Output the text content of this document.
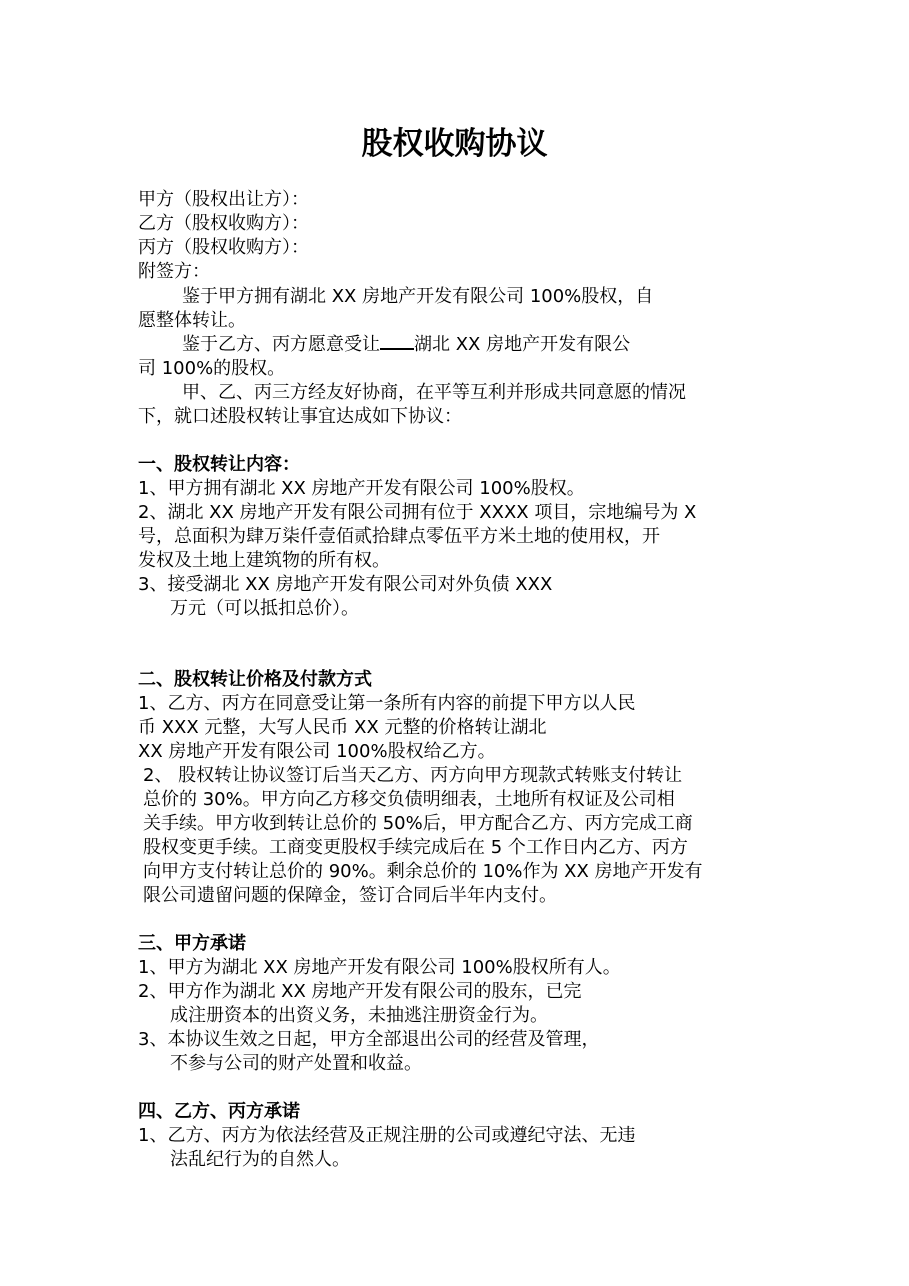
股权收购协议
甲方（股权出让方）：
乙方（股权收购方）：
丙方（股权收购方）：
附签方：
鉴于甲方拥有湖北 XX 房地产开发有限公司 100%股权，自
愿整体转让。
鉴于乙方、丙方愿意受让 湖北 XX 房地产开发有限公
司 100%的股权。
甲、乙、丙三方经友好协商，在平等互利并形成共同意愿的情况
下，就口述股权转让事宜达成如下协议：
一、股权转让内容：
1、甲方拥有湖北 XX 房地产开发有限公司 100%股权。
2、湖北 XX 房地产开发有限公司拥有位于 XXXX 项目，宗地编号为 X
号，总面积为肆万柒仟壹佰贰拾肆点零伍平方米土地的使用权，开
发权及土地上建筑物的所有权。
3、接受湖北 XX 房地产开发有限公司对外负债 XXX
万元（可以抵扣总价）。
二、股权转让价格及付款方式
1、乙方、丙方在同意受让第一条所有内容的前提下甲方以人民
币 XXX 元整，大写人民币 XX 元整的价格转让湖北
XX 房地产开发有限公司 100%股权给乙方。
2、 股权转让协议签订后当天乙方、丙方向甲方现款式转账支付转让
总价的 30%。甲方向乙方移交负债明细表，土地所有权证及公司相
关手续。甲方收到转让总价的 50%后，甲方配合乙方、丙方完成工商
股权变更手续。工商变更股权手续完成后在 5 个工作日内乙方、丙方
向甲方支付转让总价的 90%。剩余总价的 10%作为 XX 房地产开发有
限公司遗留问题的保障金，签订合同后半年内支付。
三、甲方承诺
1、甲方为湖北 XX 房地产开发有限公司 100%股权所有人。
2、甲方作为湖北 XX 房地产开发有限公司的股东，已完
成注册资本的出资义务，未抽逃注册资金行为。
3、本协议生效之日起，甲方全部退出公司的经营及管理，
不参与公司的财产处置和收益。
四、乙方、丙方承诺
1、乙方、丙方为依法经营及正规注册的公司或遵纪守法、无违
法乱纪行为的自然人。
